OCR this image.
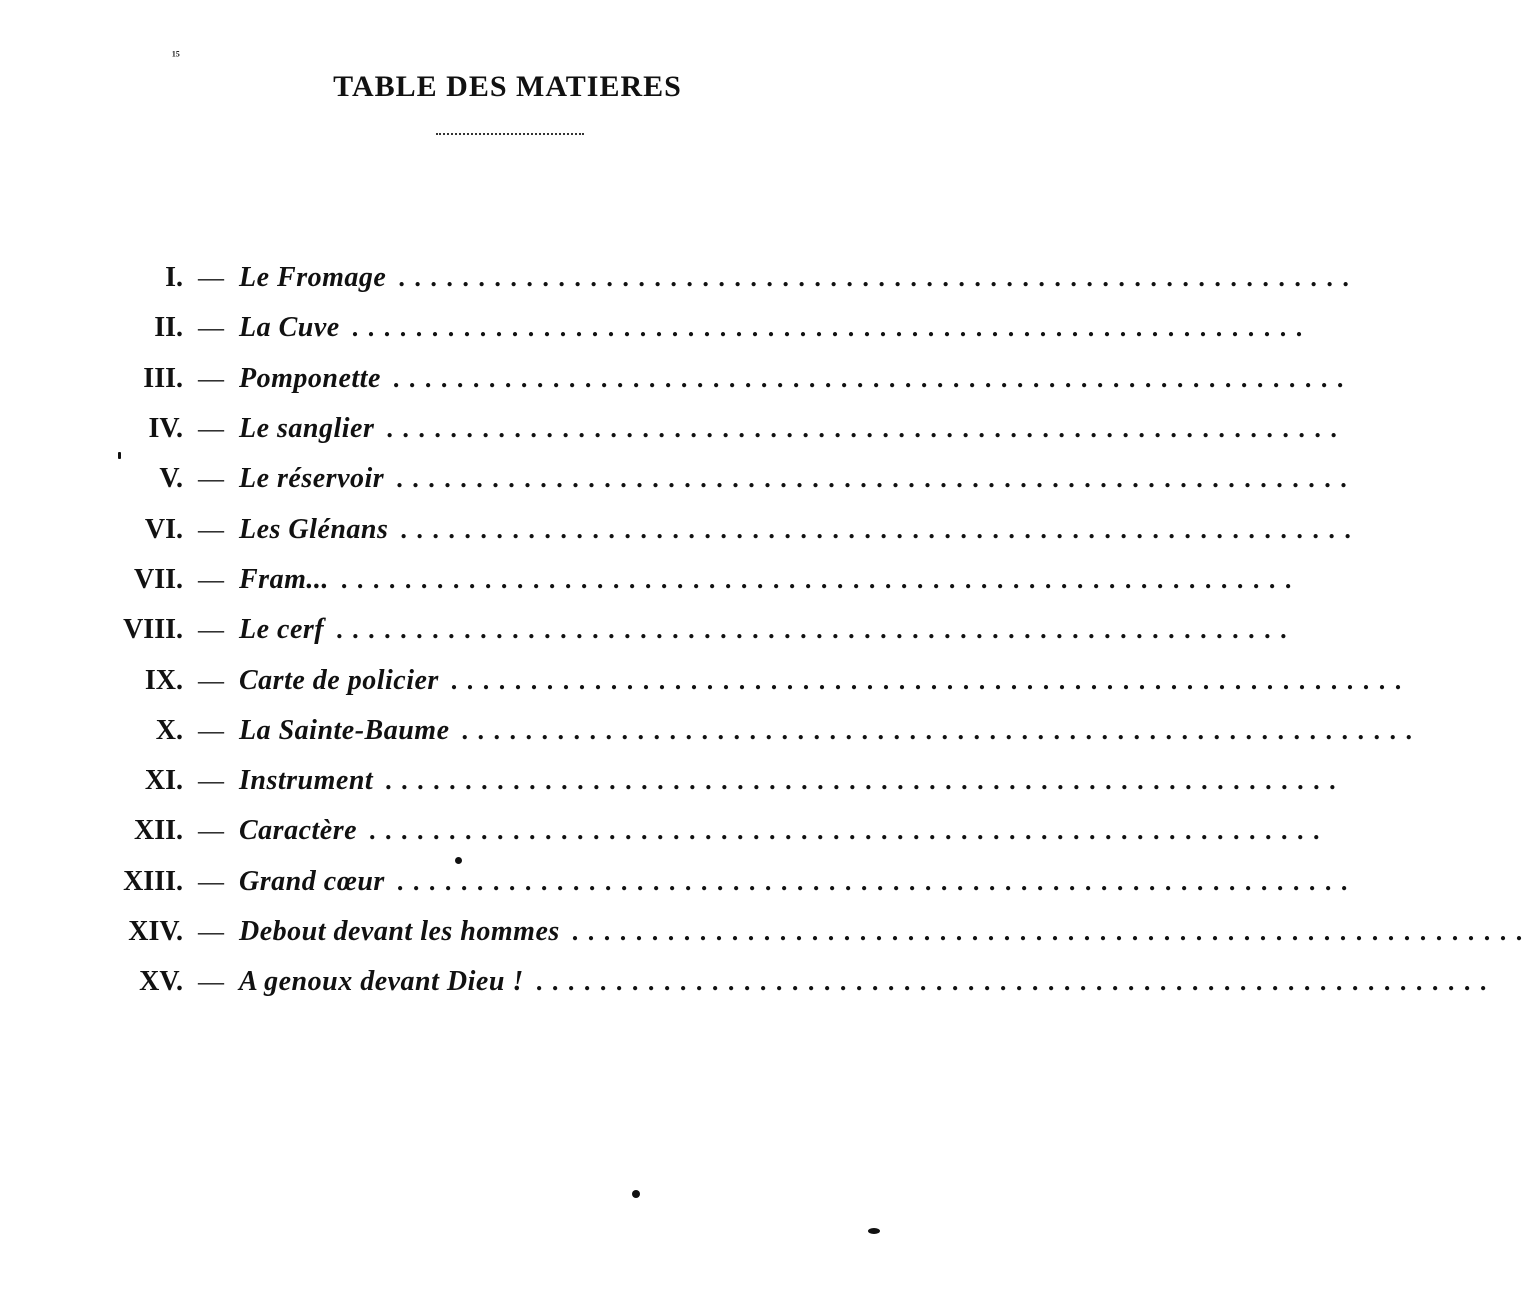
¹⁵
TABLE DES MATIERES
I. — Le Fromage ............................................................
II. — La Cuve ............................................................
III. — Pomponette ............................................................
IV. — Le sanglier ............................................................
V. — Le réservoir ............................................................
VI. — Les Glénans ............................................................
VII. — Fram... ............................................................
VIII. — Le cerf ............................................................
IX. — Carte de policier ............................................................
X. — La Sainte-Baume ............................................................
XI. — Instrument ............................................................
XII. — Caractère ............................................................
XIII. — Grand cœur ............................................................
XIV. — Debout devant les hommes ............................................................
XV. — A genoux devant Dieu ! ............................................................
